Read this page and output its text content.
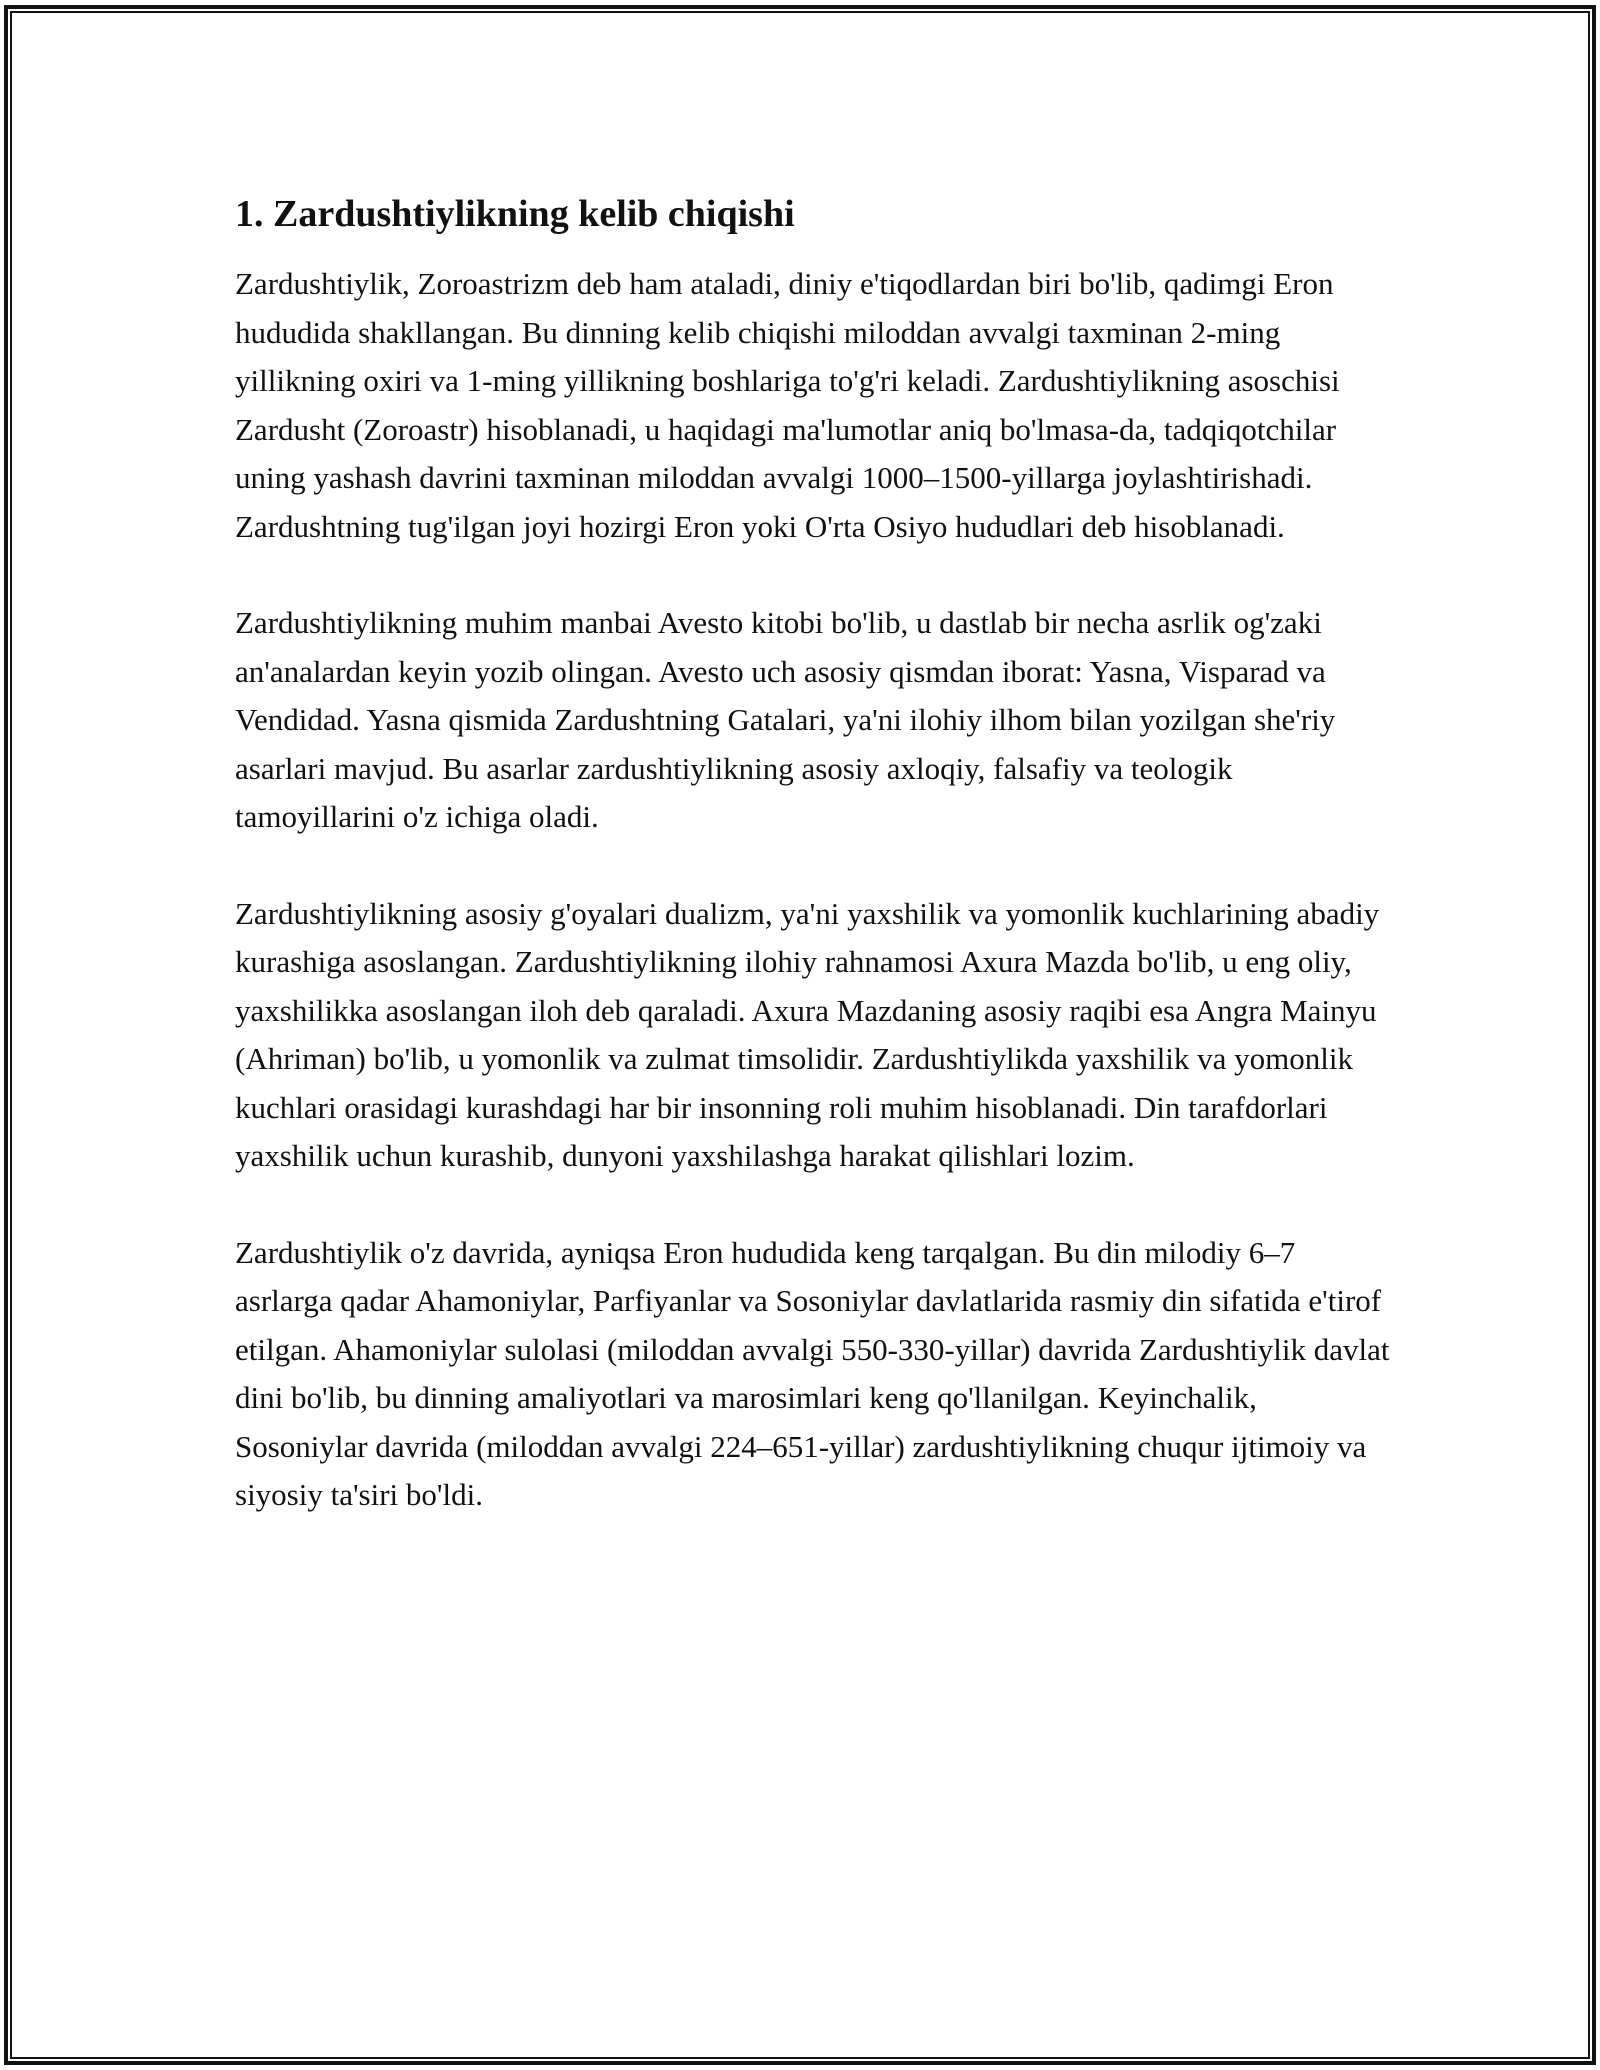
1. Zardushtiylikning kelib chiqishi

Zardushtiylik, Zoroastrizm deb ham ataladi, diniy e'tiqodlardan biri bo'lib, qadimgi Eron hududida shakllangan. Bu dinning kelib chiqishi miloddan avvalgi taxminan 2-ming yillikning oxiri va 1-ming yillikning boshlariga to'g'ri keladi. Zardushtiylikning asoschisi Zardusht (Zoroastr) hisoblanadi, u haqidagi ma'lumotlar aniq bo'lmasa-da, tadqiqotchilar uning yashash davrini taxminan miloddan avvalgi 1000–1500-yillarga joylashtirishadi. Zardushtning tug'ilgan joyi hozirgi Eron yoki O'rta Osiyo hududlari deb hisoblanadi.

Zardushtiylikning muhim manbai Avesto kitobi bo'lib, u dastlab bir necha asrlik og'zaki an'analardan keyin yozib olingan. Avesto uch asosiy qismdan iborat: Yasna, Visparad va Vendidad. Yasna qismida Zardushtning Gatalari, ya'ni ilohiy ilhom bilan yozilgan she'riy asarlari mavjud. Bu asarlar zardushtiylikning asosiy axloqiy, falsafiy va teologik tamoyillarini o'z ichiga oladi.

Zardushtiylikning asosiy g'oyalari dualizm, ya'ni yaxshilik va yomonlik kuchlarining abadiy kurashiga asoslangan. Zardushtiylikning ilohiy rahnamosi Axura Mazda bo'lib, u eng oliy, yaxshilikka asoslangan iloh deb qaraladi. Axura Mazdaning asosiy raqibi esa Angra Mainyu (Ahriman) bo'lib, u yomonlik va zulmat timsolidir. Zardushtiylikda yaxshilik va yomonlik kuchlari orasidagi kurashdagi har bir insonning roli muhim hisoblanadi. Din tarafdorlari yaxshilik uchun kurashib, dunyoni yaxshilashga harakat qilishlari lozim.

Zardushtiylik o'z davrida, ayniqsa Eron hududida keng tarqalgan. Bu din milodiy 6–7 asrlarga qadar Ahamoniylar, Parfiyanlar va Sosoniylar davlatlarida rasmiy din sifatida e'tirof etilgan. Ahamoniylar sulolasi (miloddan avvalgi 550-330-yillar) davrida Zardushtiylik davlat dini bo'lib, bu dinning amaliyotlari va marosimlari keng qo'llanilgan. Keyinchalik, Sosoniylar davrida (miloddan avvalgi 224–651-yillar) zardushtiylikning chuqur ijtimoiy va siyosiy ta'siri bo'ldi.
